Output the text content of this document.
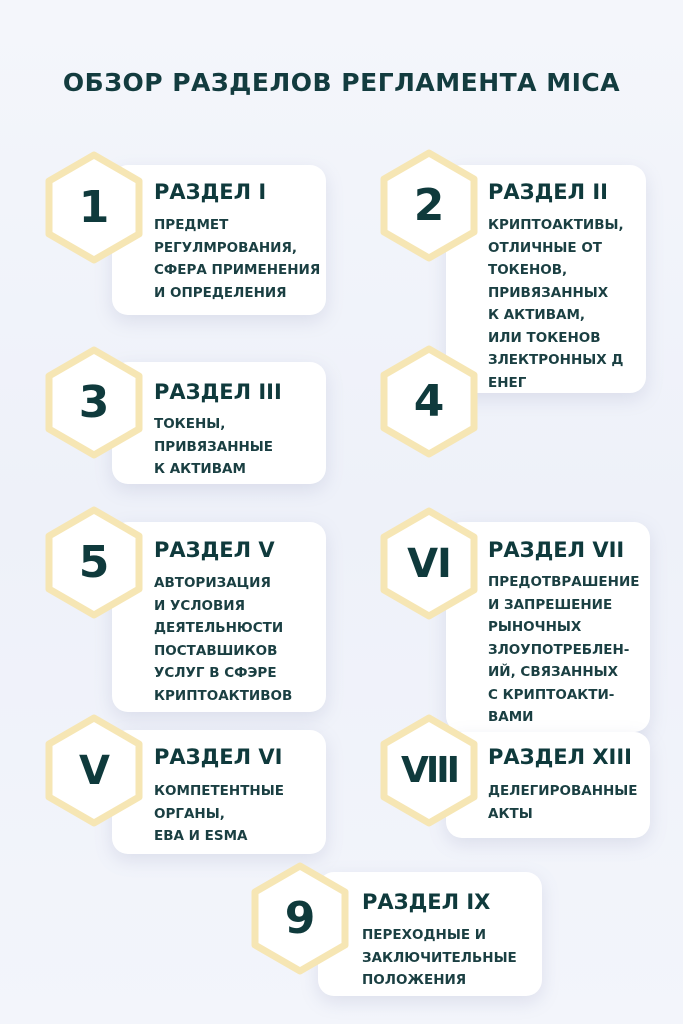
ОБЗОР РАЗДЕЛОВ РЕГЛАМЕНТА MICA
1	РАЗДЕЛ I
ПРЕДМЕТ
РЕГУЛМРОВАНИЯ,
СФЕРА ПРИМЕНЕНИЯ
И ОПРЕДЕЛЕНИЯ
2	РАЗДЕЛ II
КРИПТОАКТИВЫ,
ОТЛИЧНЫЕ ОТ
ТОКЕНОВ,
ПРИВЯЗАННЫХ
К АКТИВАМ,
ИЛИ ТОКЕНОВ
ЗЛЕКТРОННЫХ Д
ЕНЕГ
3	РАЗДЕЛ III
ТОКЕНЫ,
ПРИВЯЗАННЫЕ
К АКТИВАМ
4
5	РАЗДЕЛ V
АВТОРИЗАЦИЯ
И УСЛОВИЯ
ДЕЯТЕЛЬНЮСТИ
ПОСТАВШИКОВ
УСЛУГ В СФЭРЕ
КРИПТОАКТИВОВ
VI	РАЗДЕЛ VII
ПРЕДОТВРАШЕНИЕ
И ЗАПРЕШЕНИЕ
РЫНОЧНЫХ
ЗЛОУПОТРЕБЛЕН-
ИЙ, СВЯЗАННЫХ
С КРИПТОАКТИ-
ВАМИ
V	РАЗДЕЛ VI
КОМПЕТЕНТНЫЕ
ОРГАНЫ,
EBA И ESMA
VIII	РАЗДЕЛ XIII
ДЕЛЕГИРОВАННЫЕ
АКТЫ
9	РАЗДЕЛ IX
ПЕРЕХОДНЫЕ И
ЗАКЛЮЧИТЕЛЬНЫЕ
ПОЛОЖЕНИЯ
